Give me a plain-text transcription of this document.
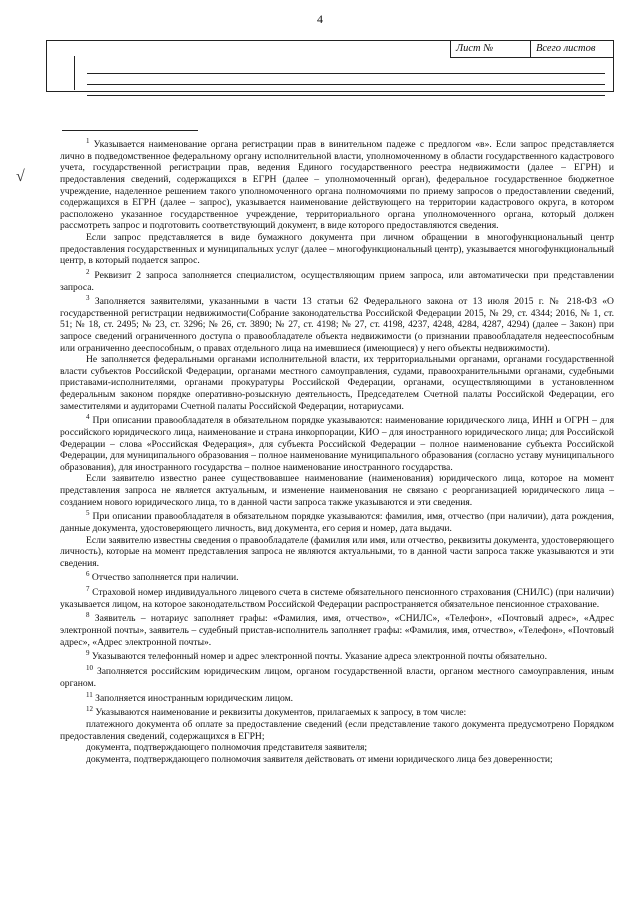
4
Лист №	Всего листов
√

$^1$ Указывается наименование органа регистрации прав в винительном падеже с предлогом «в». Если запрос представляется лично в подведомственное федеральному органу исполнительной власти, уполномоченному в области государственного кадастрового учета, государственной регистрации прав, ведения Единого государственного реестра недвижимости (далее – ЕГРН) и предоставления сведений, содержащихся в ЕГРН (далее – уполномоченный орган), федеральное государственное бюджетное учреждение, наделенное решением такого уполномоченного органа полномочиями по приему запросов о предоставлении сведений, содержащихся в ЕГРН (далее – запрос), указывается наименование действующего на территории кадастрового округа, в котором расположено указанное государственное учреждение, территориального органа уполномоченного органа, который должен рассмотреть запрос и подготовить соответствующий документ, в виде которого предоставляются сведения.

Если запрос представляется в виде бумажного документа при личном обращении в многофункциональный центр предоставления государственных и муниципальных услуг (далее – многофункциональный центр), указывается многофункциональный центр, в который подается запрос.

$^2$ Реквизит 2 запроса заполняется специалистом, осуществляющим прием запроса, или автоматически при представлении запроса.

$^3$ Заполняется заявителями, указанными в части 13 статьи 62 Федерального закона от 13 июля 2015 г. № 218-ФЗ «О государственной регистрации недвижимости(Собрание законодательства Российской Федерации 2015, № 29, ст. 4344; 2016, № 1, ст. 51; № 18, ст. 2495; № 23, ст. 3296; № 26, ст. 3890; № 27, ст. 4198; № 27, ст. 4198, 4237, 4248, 4284, 4287, 4294) (далее – Закон) при запросе сведений ограниченного доступа о правообладателе объекта недвижимости (о признании правообладателя недееспособным или ограниченно дееспособным, о правах отдельного лица на имевшиеся (имеющиеся) у него объекты недвижимости).

Не заполняется федеральными органами исполнительной власти, их территориальными органами, органами государственной власти субъектов Российской Федерации, органами местного самоуправления, судами, правоохранительными органами, судебными приставами-исполнителями, органами прокуратуры Российской Федерации, органами, осуществляющими в установленном федеральным законом порядке оперативно-розыскную деятельность, Председателем Счетной палаты Российской Федерации, его заместителями и аудиторами Счетной палаты Российской Федерации, нотариусами.

$^4$ При описании правообладателя в обязательном порядке указываются: наименование юридического лица, ИНН и ОГРН – для российского юридического лица, наименование и страна инкорпорации, КИО – для иностранного юридического лица; для Российской Федерации – слова «Российская Федерация», для субъекта Российской Федерации – полное наименование субъекта Российской Федерации, для муниципального образования – полное наименование муниципального образования (согласно уставу муниципального образования), для иностранного государства – полное наименование иностранного государства.

Если заявителю известно ранее существовавшее наименование (наименования) юридического лица, которое на момент представления запроса не является актуальным, и изменение наименования не связано с реорганизацией юридического лица – созданием нового юридического лица, то в данной части запроса также указываются и эти сведения.

$^5$ При описании правообладателя в обязательном порядке указываются: фамилия, имя, отчество (при наличии), дата рождения, данные документа, удостоверяющего личность, вид документа, его серия и номер, дата выдачи.

Если заявителю известны сведения о правообладателе (фамилия или имя, или отчество, реквизиты документа, удостоверяющего личность), которые на момент представления запроса не являются актуальными, то в данной части запроса также указываются и эти сведения.

$^6$ Отчество заполняется при наличии.

$^7$ Страховой номер индивидуального лицевого счета в системе обязательного пенсионного страхования (СНИЛС) (при наличии) указывается лицом, на которое законодательством Российской Федерации распространяется обязательное пенсионное страхование.

$^8$ Заявитель – нотариус заполняет графы: «Фамилия, имя, отчество», «СНИЛС», «Телефон», «Почтовый адрес», «Адрес электронной почты», заявитель – судебный пристав-исполнитель заполняет графы: «Фамилия, имя, отчество», «Телефон», «Почтовый адрес», «Адрес электронной почты».

$^9$ Указываются телефонный номер и адрес электронной почты. Указание адреса электронной почты обязательно.

$^{10}$ Заполняется российским юридическим лицом, органом государственной власти, органом местного самоуправления, иным органом.

$^{11}$ Заполняется иностранным юридическим лицом.

$^{12}$ Указываются наименование и реквизиты документов, прилагаемых к запросу, в том числе:

платежного документа об оплате за предоставление сведений (если представление такого документа предусмотрено Порядком предоставления сведений, содержащихся в ЕГРН;

документа, подтверждающего полномочия представителя заявителя;

документа, подтверждающего полномочия заявителя действовать от имени юридического лица без доверенности;
